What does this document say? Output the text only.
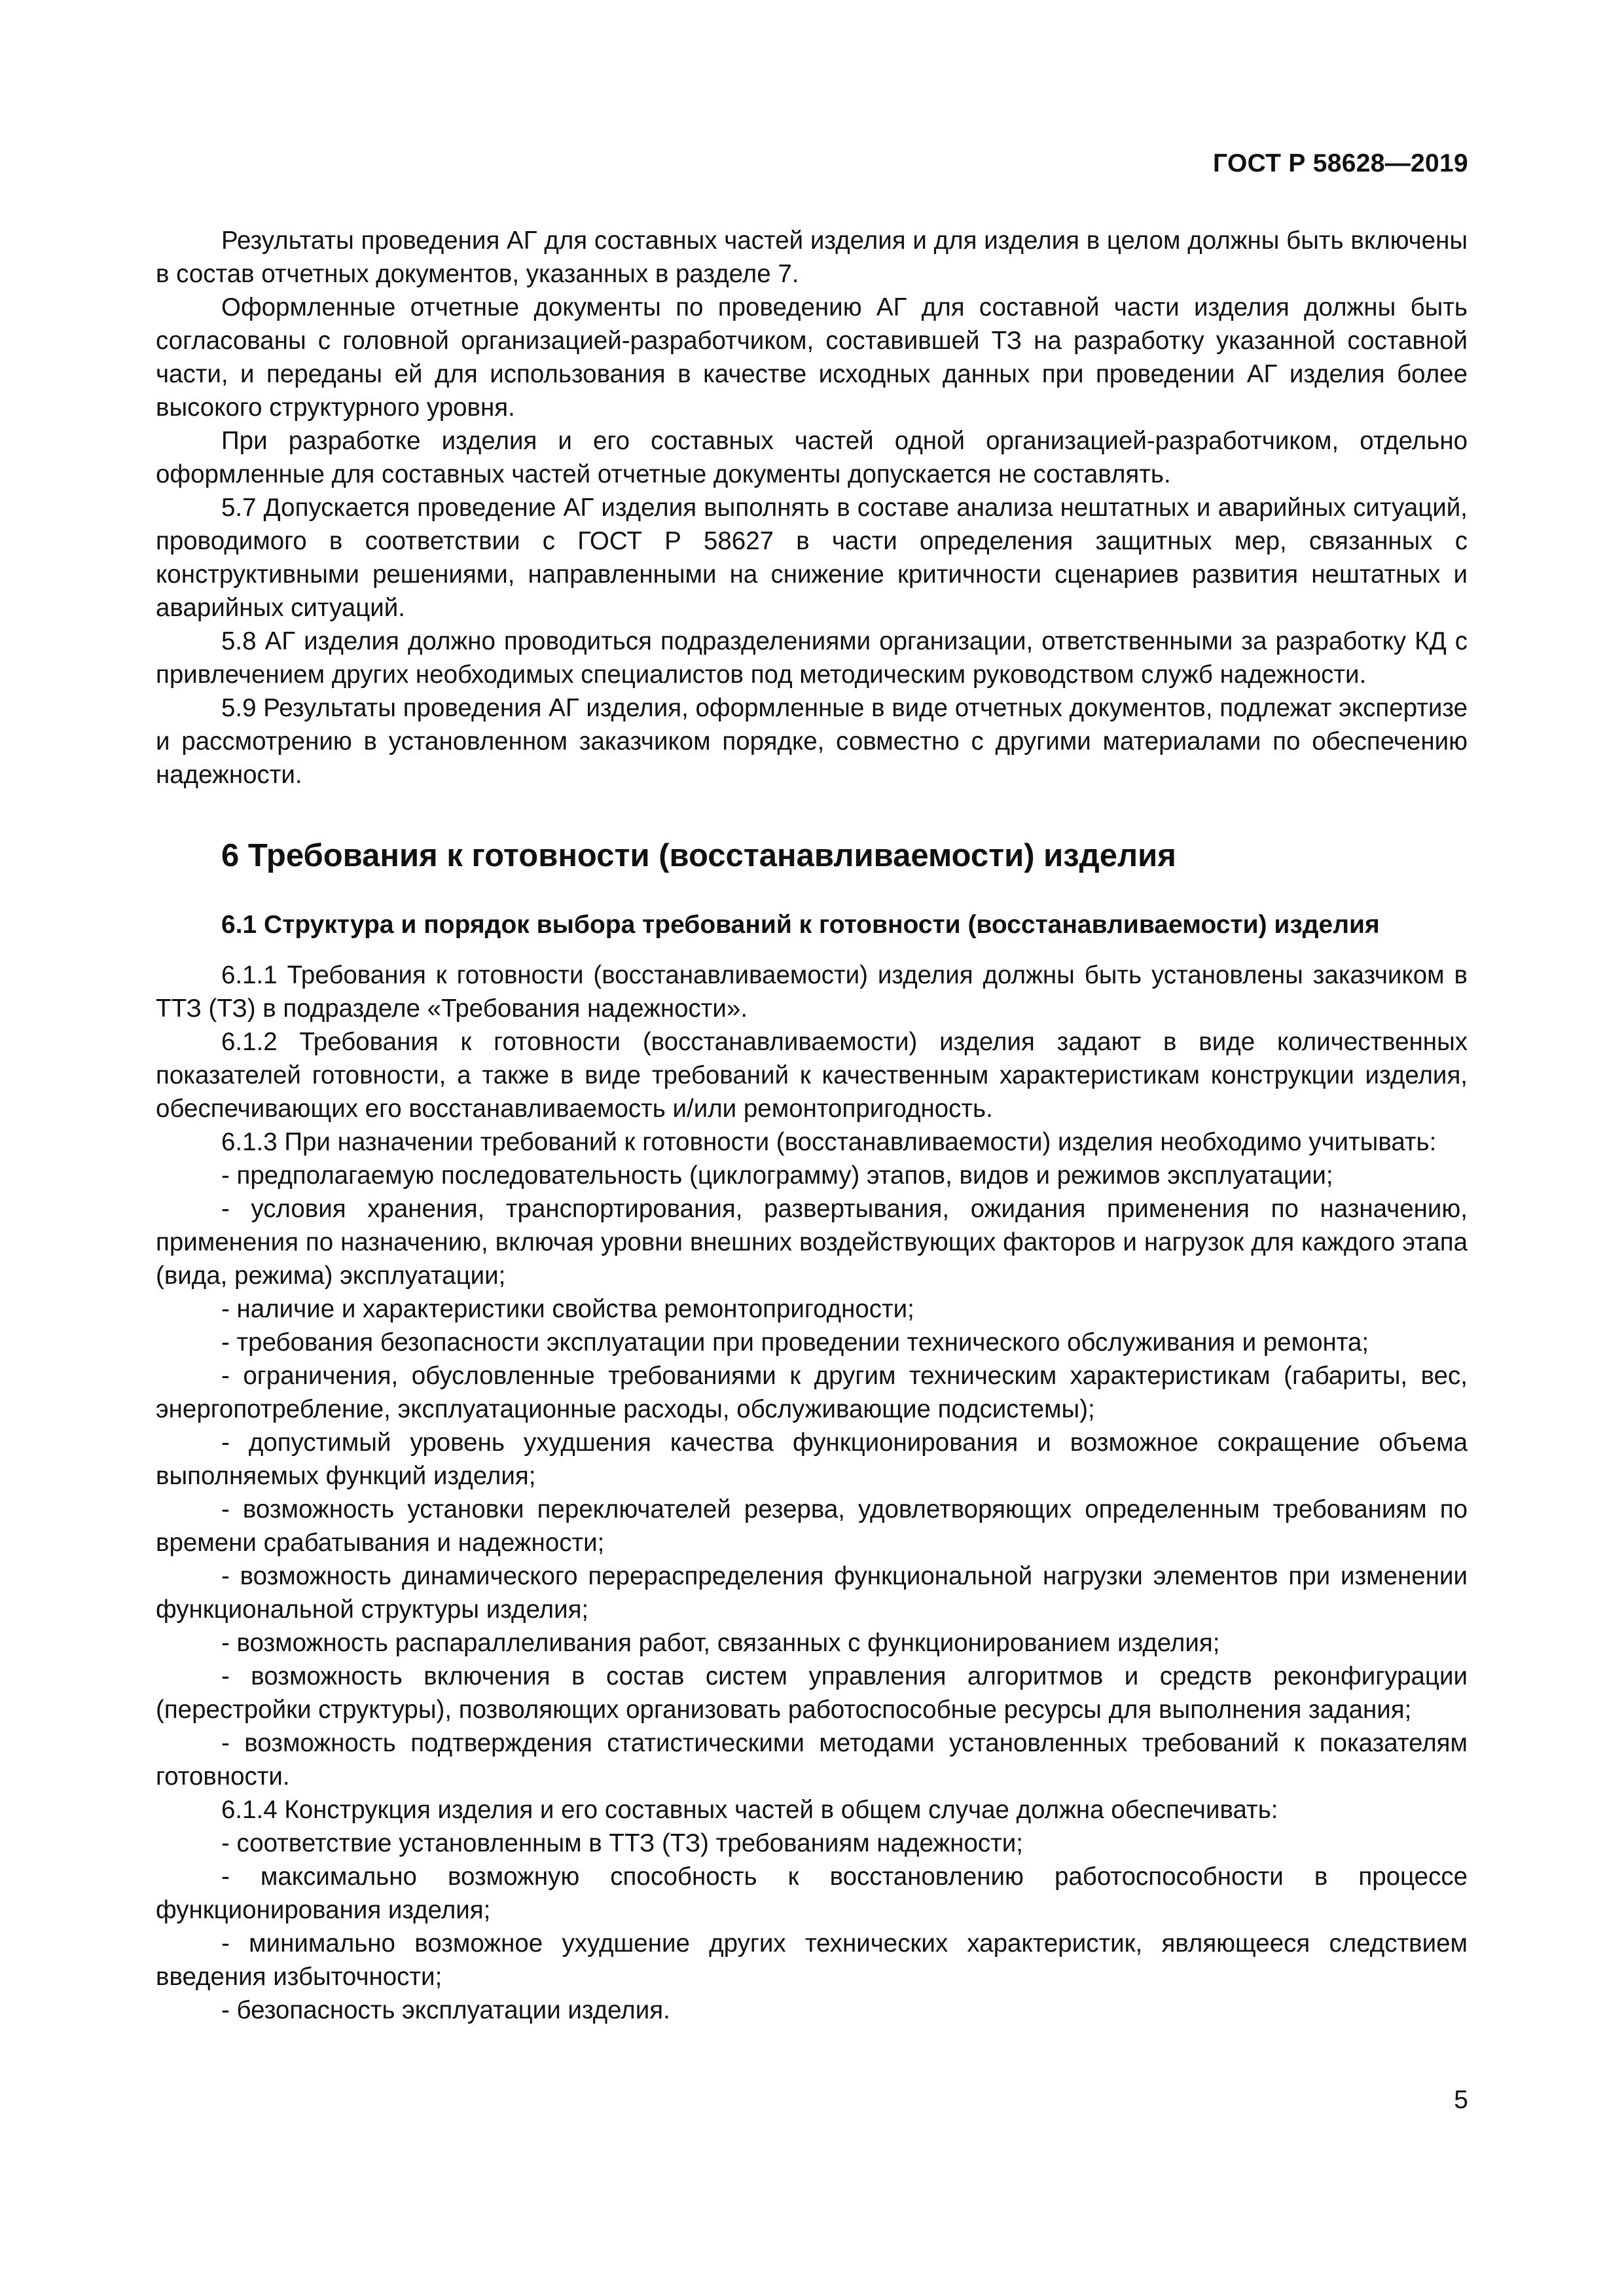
ГОСТ Р 58628—2019

Результаты проведения АГ для составных частей изделия и для изделия в целом должны быть включены в состав отчетных документов, указанных в разделе 7.

Оформленные отчетные документы по проведению АГ для составной части изделия должны быть согласованы с головной организацией-разработчиком, составившей ТЗ на разработку указанной составной части, и переданы ей для использования в качестве исходных данных при проведении АГ изделия более высокого структурного уровня.

При разработке изделия и его составных частей одной организацией-разработчиком, отдельно оформленные для составных частей отчетные документы допускается не составлять.

5.7 Допускается проведение АГ изделия выполнять в составе анализа нештатных и аварийных ситуаций, проводимого в соответствии с ГОСТ Р 58627 в части определения защитных мер, связанных с конструктивными решениями, направленными на снижение критичности сценариев развития нештатных и аварийных ситуаций.

5.8 АГ изделия должно проводиться подразделениями организации, ответственными за разработку КД с привлечением других необходимых специалистов под методическим руководством служб надежности.

5.9 Результаты проведения АГ изделия, оформленные в виде отчетных документов, подлежат экспертизе и рассмотрению в установленном заказчиком порядке, совместно с другими материалами по обеспечению надежности.

6 Требования к готовности (восстанавливаемости) изделия

6.1 Структура и порядок выбора требований к готовности (восстанавливаемости) изделия

6.1.1 Требования к готовности (восстанавливаемости) изделия должны быть установлены заказчиком в ТТЗ (ТЗ) в подразделе «Требования надежности».

6.1.2 Требования к готовности (восстанавливаемости) изделия задают в виде количественных показателей готовности, а также в виде требований к качественным характеристикам конструкции изделия, обеспечивающих его восстанавливаемость и/или ремонтопригодность.

6.1.3 При назначении требований к готовности (восстанавливаемости) изделия необходимо учитывать:

- предполагаемую последовательность (циклограмму) этапов, видов и режимов эксплуатации;

- условия хранения, транспортирования, развертывания, ожидания применения по назначению, применения по назначению, включая уровни внешних воздействующих факторов и нагрузок для каждого этапа (вида, режима) эксплуатации;

- наличие и характеристики свойства ремонтопригодности;

- требования безопасности эксплуатации при проведении технического обслуживания и ремонта;

- ограничения, обусловленные требованиями к другим техническим характеристикам (габариты, вес, энергопотребление, эксплуатационные расходы, обслуживающие подсистемы);

- допустимый уровень ухудшения качества функционирования и возможное сокращение объема выполняемых функций изделия;

- возможность установки переключателей резерва, удовлетворяющих определенным требованиям по времени срабатывания и надежности;

- возможность динамического перераспределения функциональной нагрузки элементов при изменении функциональной структуры изделия;

- возможность распараллеливания работ, связанных с функционированием изделия;

- возможность включения в состав систем управления алгоритмов и средств реконфигурации (перестройки структуры), позволяющих организовать работоспособные ресурсы для выполнения задания;

- возможность подтверждения статистическими методами установленных требований к показателям готовности.

6.1.4 Конструкция изделия и его составных частей в общем случае должна обеспечивать:

- соответствие установленным в ТТЗ (ТЗ) требованиям надежности;

- максимально возможную способность к восстановлению работоспособности в процессе функционирования изделия;

- минимально возможное ухудшение других технических характеристик, являющееся следствием введения избыточности;

- безопасность эксплуатации изделия.

5
